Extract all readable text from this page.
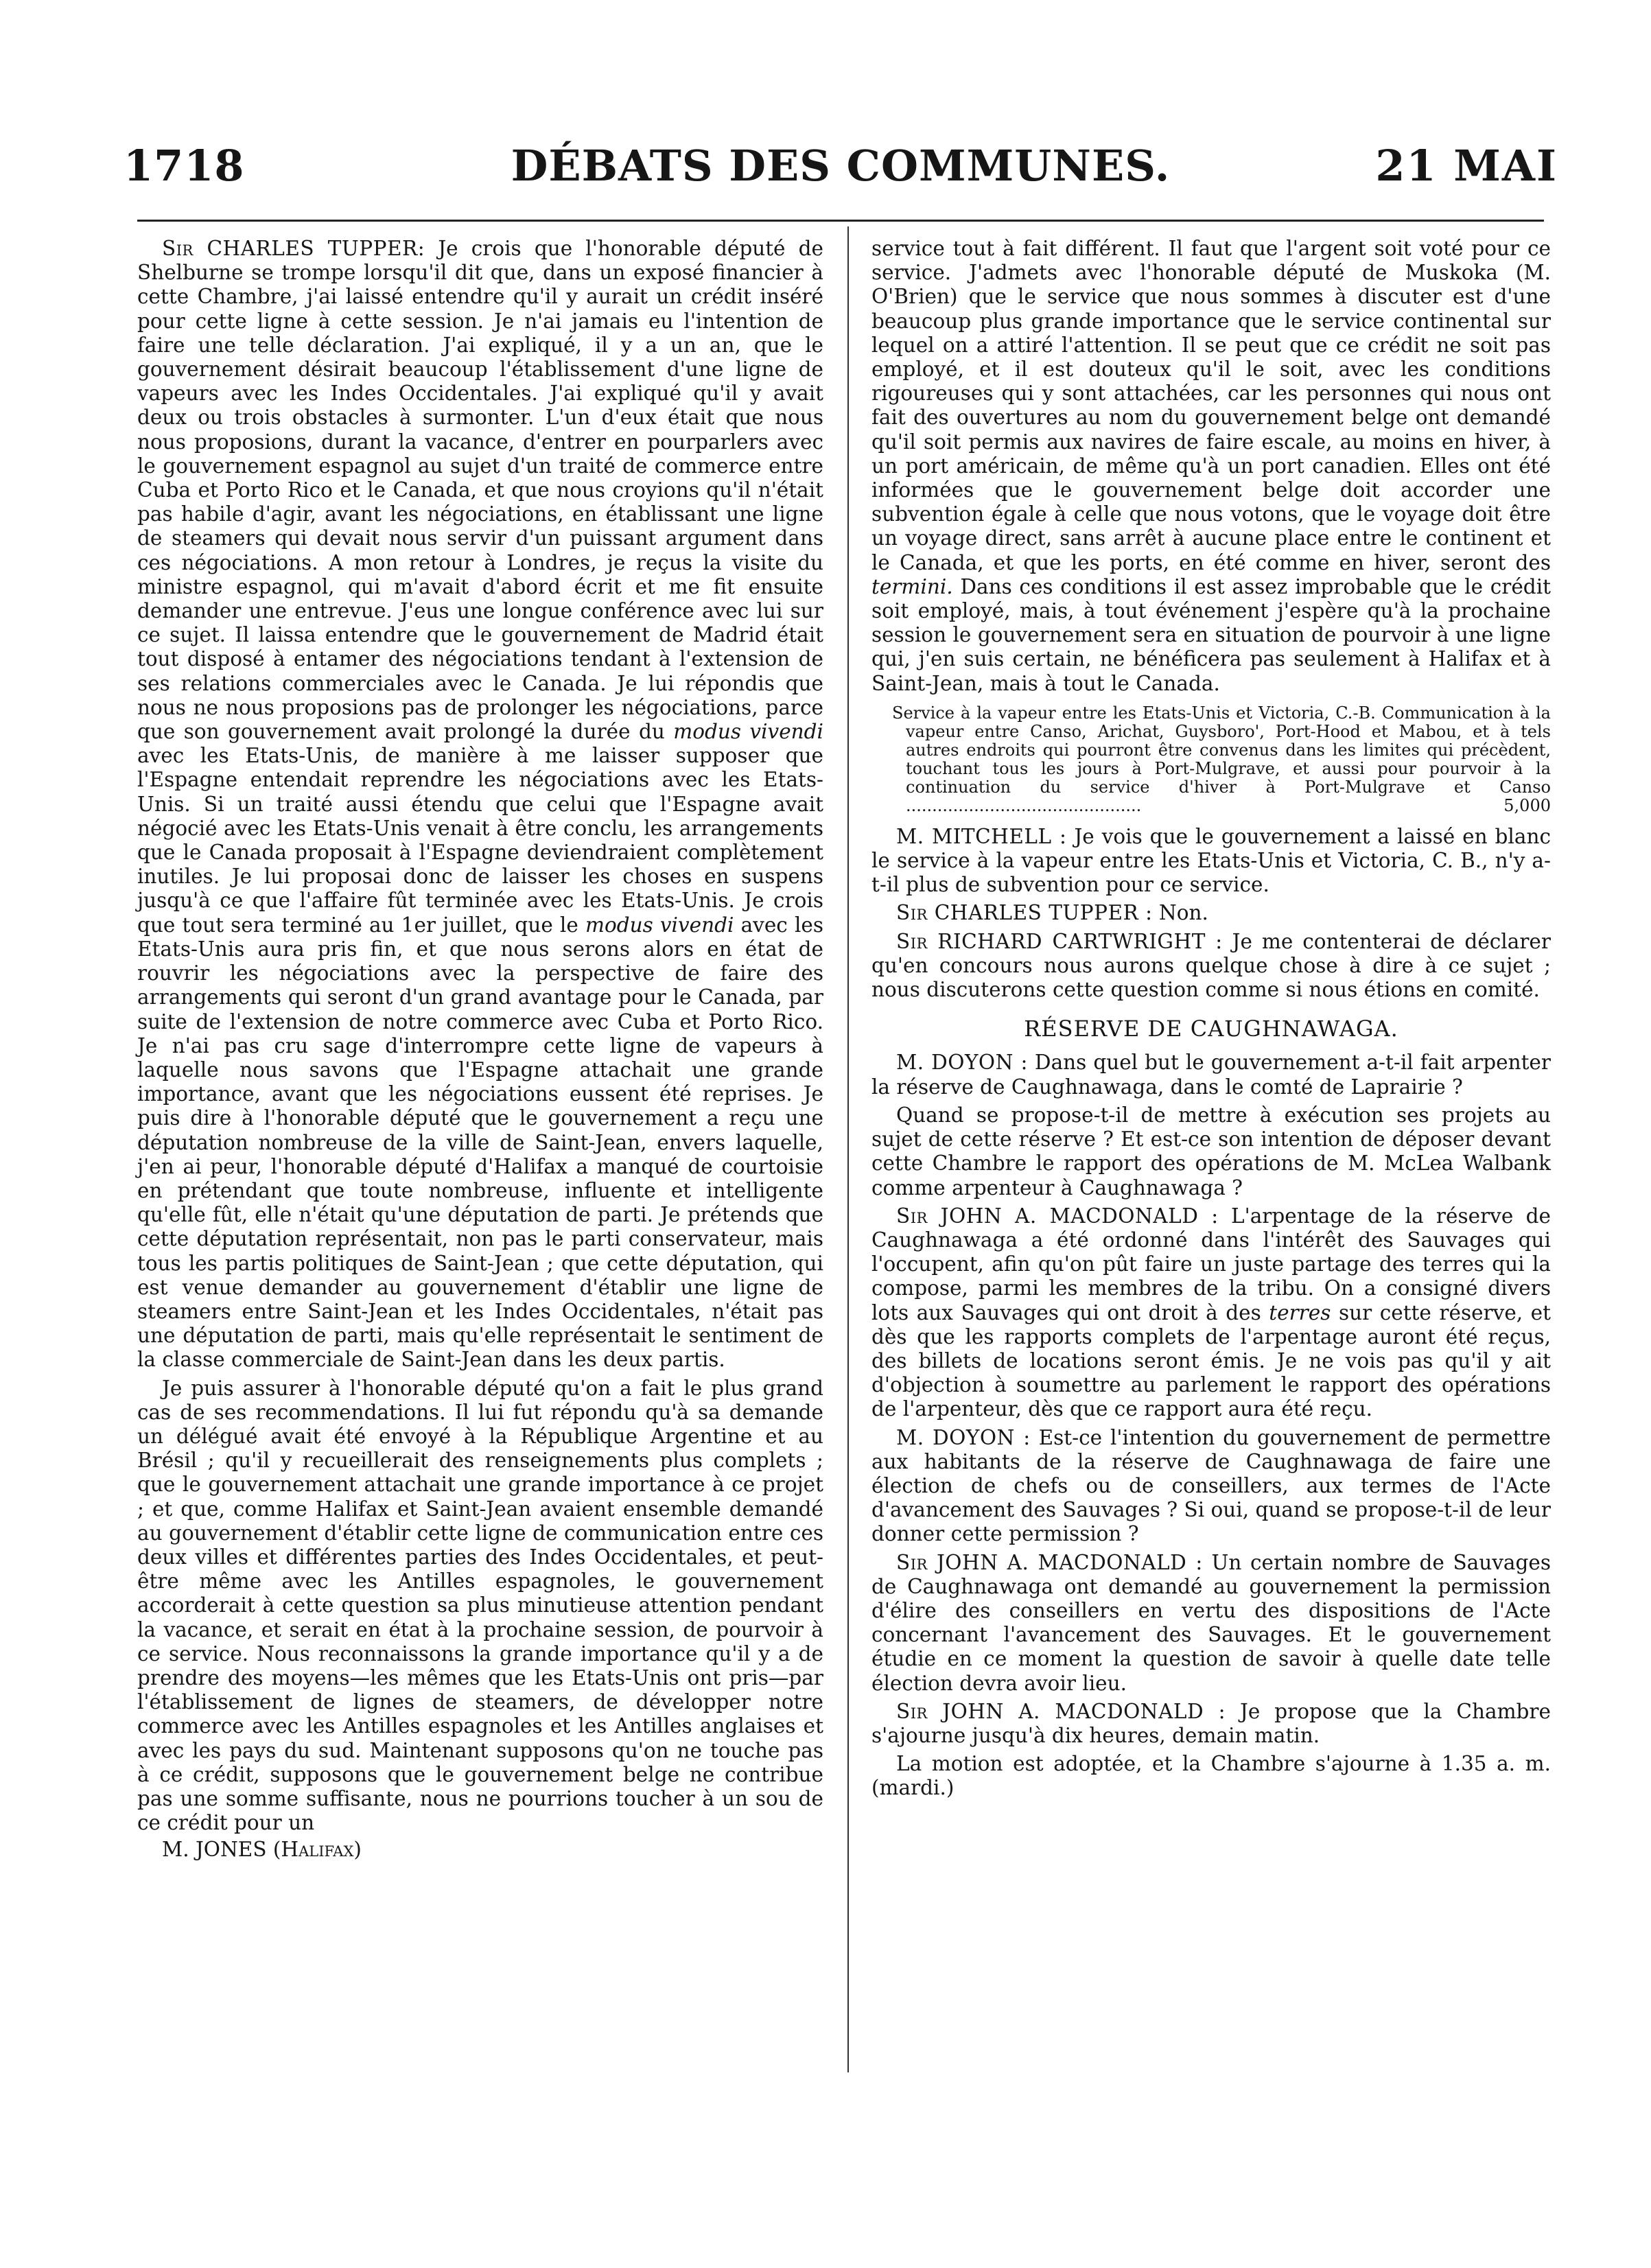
1718	DÉBATS DES COMMUNES.	21 MAI

Sir CHARLES TUPPER: Je crois que l'honorable député de Shelburne se trompe lorsqu'il dit que, dans un exposé financier à cette Chambre, j'ai laissé entendre qu'il y aurait un crédit inséré pour cette ligne à cette session. Je n'ai jamais eu l'intention de faire une telle déclaration. J'ai expliqué, il y a un an, que le gouvernement désirait beaucoup l'établissement d'une ligne de vapeurs avec les Indes Occidentales. J'ai expliqué qu'il y avait deux ou trois obstacles à surmonter. L'un d'eux était que nous nous proposions, durant la vacance, d'entrer en pourparlers avec le gouvernement espagnol au sujet d'un traité de commerce entre Cuba et Porto Rico et le Canada, et que nous croyions qu'il n'était pas habile d'agir, avant les négociations, en établissant une ligne de steamers qui devait nous servir d'un puissant argument dans ces négociations. A mon retour à Londres, je reçus la visite du ministre espagnol, qui m'avait d'abord écrit et me fit ensuite demander une entrevue. J'eus une longue conférence avec lui sur ce sujet. Il laissa entendre que le gouvernement de Madrid était tout disposé à entamer des négociations tendant à l'extension de ses relations commerciales avec le Canada. Je lui répondis que nous ne nous proposions pas de prolonger les négociations, parce que son gouvernement avait prolongé la durée du modus vivendi avec les Etats-Unis, de manière à me laisser supposer que l'Espagne entendait reprendre les négociations avec les Etats-Unis. Si un traité aussi étendu que celui que l'Espagne avait négocié avec les Etats-Unis venait à être conclu, les arrangements que le Canada proposait à l'Espagne deviendraient complètement inutiles. Je lui proposai donc de laisser les choses en suspens jusqu'à ce que l'affaire fût terminée avec les Etats-Unis. Je crois que tout sera terminé au 1er juillet, que le modus vivendi avec les Etats-Unis aura pris fin, et que nous serons alors en état de rouvrir les négociations avec la perspective de faire des arrangements qui seront d'un grand avantage pour le Canada, par suite de l'extension de notre commerce avec Cuba et Porto Rico. Je n'ai pas cru sage d'interrompre cette ligne de vapeurs à laquelle nous savons que l'Espagne attachait une grande importance, avant que les négociations eussent été reprises. Je puis dire à l'honorable député que le gouvernement a reçu une députation nombreuse de la ville de Saint-Jean, envers laquelle, j'en ai peur, l'honorable député d'Halifax a manqué de courtoisie en prétendant que toute nombreuse, influente et intelligente qu'elle fût, elle n'était qu'une députation de parti. Je prétends que cette députation représentait, non pas le parti conservateur, mais tous les partis politiques de Saint-Jean ; que cette députation, qui est venue demander au gouvernement d'établir une ligne de steamers entre Saint-Jean et les Indes Occidentales, n'était pas une députation de parti, mais qu'elle représentait le sentiment de la classe commerciale de Saint-Jean dans les deux partis.

Je puis assurer à l'honorable député qu'on a fait le plus grand cas de ses recommendations. Il lui fut répondu qu'à sa demande un délégué avait été envoyé à la République Argentine et au Brésil ; qu'il y recueillerait des renseignements plus complets ; que le gouvernement attachait une grande importance à ce projet ; et que, comme Halifax et Saint-Jean avaient ensemble demandé au gouvernement d'établir cette ligne de communication entre ces deux villes et différentes parties des Indes Occidentales, et peut-être même avec les Antilles espagnoles, le gouvernement accorderait à cette question sa plus minutieuse attention pendant la vacance, et serait en état à la prochaine session, de pourvoir à ce service. Nous reconnaissons la grande importance qu'il y a de prendre des moyens—les mêmes que les Etats-Unis ont pris—par l'établissement de lignes de steamers, de développer notre commerce avec les Antilles espagnoles et les Antilles anglaises et avec les pays du sud. Maintenant supposons qu'on ne touche pas à ce crédit, supposons que le gouvernement belge ne contribue pas une somme suffisante, nous ne pourrions toucher à un sou de ce crédit pour un

M. JONES (Halifax)

service tout à fait différent. Il faut que l'argent soit voté pour ce service. J'admets avec l'honorable député de Muskoka (M. O'Brien) que le service que nous sommes à discuter est d'une beaucoup plus grande importance que le service continental sur lequel on a attiré l'attention. Il se peut que ce crédit ne soit pas employé, et il est douteux qu'il le soit, avec les conditions rigoureuses qui y sont attachées, car les personnes qui nous ont fait des ouvertures au nom du gouvernement belge ont demandé qu'il soit permis aux navires de faire escale, au moins en hiver, à un port américain, de même qu'à un port canadien. Elles ont été informées que le gouvernement belge doit accorder une subvention égale à celle que nous votons, que le voyage doit être un voyage direct, sans arrêt à aucune place entre le continent et le Canada, et que les ports, en été comme en hiver, seront des termini. Dans ces conditions il est assez improbable que le crédit soit employé, mais, à tout événement j'espère qu'à la prochaine session le gouvernement sera en situation de pourvoir à une ligne qui, j'en suis certain, ne bénéficera pas seulement à Halifax et à Saint-Jean, mais à tout le Canada.

Service à la vapeur entre les Etats-Unis et Victoria, C.-B. Communication à la vapeur entre Canso, Arichat, Guysboro', Port-Hood et Mabou, et à tels autres endroits qui pourront être convenus dans les limites qui précèdent, touchant tous les jours à Port-Mulgrave, et aussi pour pourvoir à la continuation du service d'hiver à Port-Mulgrave et Canso .............................................	5,000

M. MITCHELL : Je vois que le gouvernement a laissé en blanc le service à la vapeur entre les Etats-Unis et Victoria, C. B., n'y a-t-il plus de subvention pour ce service.

Sir CHARLES TUPPER : Non.

Sir RICHARD CARTWRIGHT : Je me contenterai de déclarer qu'en concours nous aurons quelque chose à dire à ce sujet ; nous discuterons cette question comme si nous étions en comité.

RÉSERVE DE CAUGHNAWAGA.

M. DOYON : Dans quel but le gouvernement a-t-il fait arpenter la réserve de Caughnawaga, dans le comté de Laprairie ?

Quand se propose-t-il de mettre à exécution ses projets au sujet de cette réserve ? Et est-ce son intention de déposer devant cette Chambre le rapport des opérations de M. McLea Walbank comme arpenteur à Caughnawaga ?

Sir JOHN A. MACDONALD : L'arpentage de la réserve de Caughnawaga a été ordonné dans l'intérêt des Sauvages qui l'occupent, afin qu'on pût faire un juste partage des terres qui la compose, parmi les membres de la tribu. On a consigné divers lots aux Sauvages qui ont droit à des terres sur cette réserve, et dès que les rapports complets de l'arpentage auront été reçus, des billets de locations seront émis. Je ne vois pas qu'il y ait d'objection à soumettre au parlement le rapport des opérations de l'arpenteur, dès que ce rapport aura été reçu.

M. DOYON : Est-ce l'intention du gouvernement de permettre aux habitants de la réserve de Caughnawaga de faire une élection de chefs ou de conseillers, aux termes de l'Acte d'avancement des Sauvages ? Si oui, quand se propose-t-il de leur donner cette permission ?

Sir JOHN A. MACDONALD : Un certain nombre de Sauvages de Caughnawaga ont demandé au gouvernement la permission d'élire des conseillers en vertu des dispositions de l'Acte concernant l'avancement des Sauvages. Et le gouvernement étudie en ce moment la question de savoir à quelle date telle élection devra avoir lieu.

Sir JOHN A. MACDONALD : Je propose que la Chambre s'ajourne jusqu'à dix heures, demain matin.

La motion est adoptée, et la Chambre s'ajourne à 1.35 a. m. (mardi.)
